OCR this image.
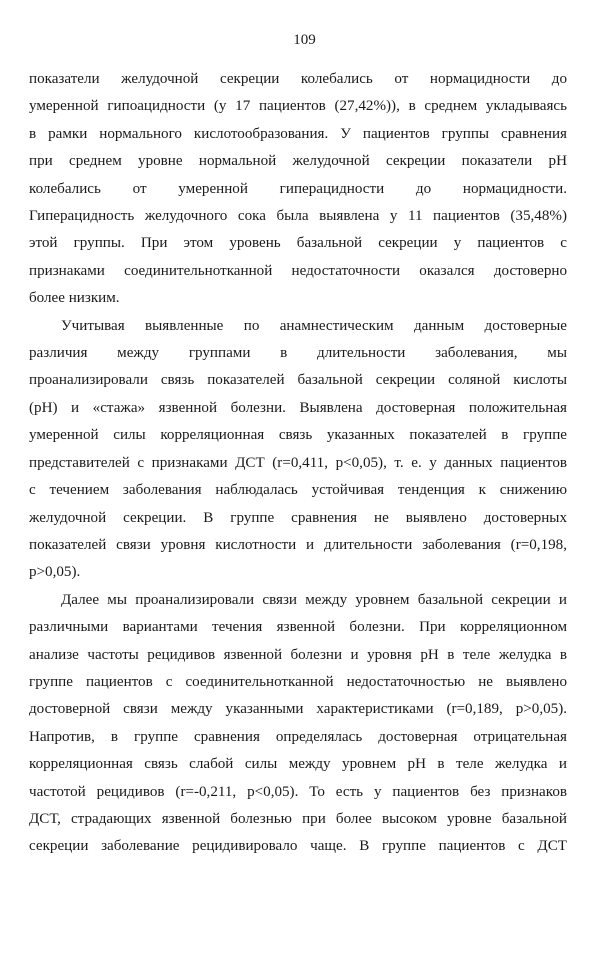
109
показатели желудочной секреции колебались от нормацидности до
умеренной гипоацидности (у 17 пациентов (27,42%)), в среднем укладываясь
в рамки нормального кислотообразования. У пациентов группы сравнения
при среднем уровне нормальной желудочной секреции показатели pH
колебались от умеренной гиперацидности до нормацидности.
Гиперацидность желудочного сока была выявлена у 11 пациентов (35,48%)
этой группы. При этом уровень базальной секреции у пациентов с
признаками соединительнотканной недостаточности оказался достоверно
более низким.
Учитывая выявленные по анамнестическим данным достоверные
различия между группами в длительности заболевания, мы
проанализировали связь показателей базальной секреции соляной кислоты
(pH) и «стажа» язвенной болезни. Выявлена достоверная положительная
умеренной силы корреляционная связь указанных показателей в группе
представителей с признаками ДСТ (r=0,411, p<0,05), т. е. у данных пациентов
с течением заболевания наблюдалась устойчивая тенденция к снижению
желудочной секреции. В группе сравнения не выявлено достоверных
показателей связи уровня кислотности и длительности заболевания (r=0,198,
p>0,05).
Далее мы проанализировали связи между уровнем базальной секреции и
различными вариантами течения язвенной болезни. При корреляционном
анализе частоты рецидивов язвенной болезни и уровня pH в теле желудка в
группе пациентов с соединительнотканной недостаточностью не выявлено
достоверной связи между указанными характеристиками (r=0,189, p>0,05).
Напротив, в группе сравнения определялась достоверная отрицательная
корреляционная связь слабой силы между уровнем pH в теле желудка и
частотой рецидивов (r=-0,211, p<0,05). То есть у пациентов без признаков
ДСТ, страдающих язвенной болезнью при более высоком уровне базальной
секреции заболевание рецидивировало чаще. В группе пациентов с ДСТ
